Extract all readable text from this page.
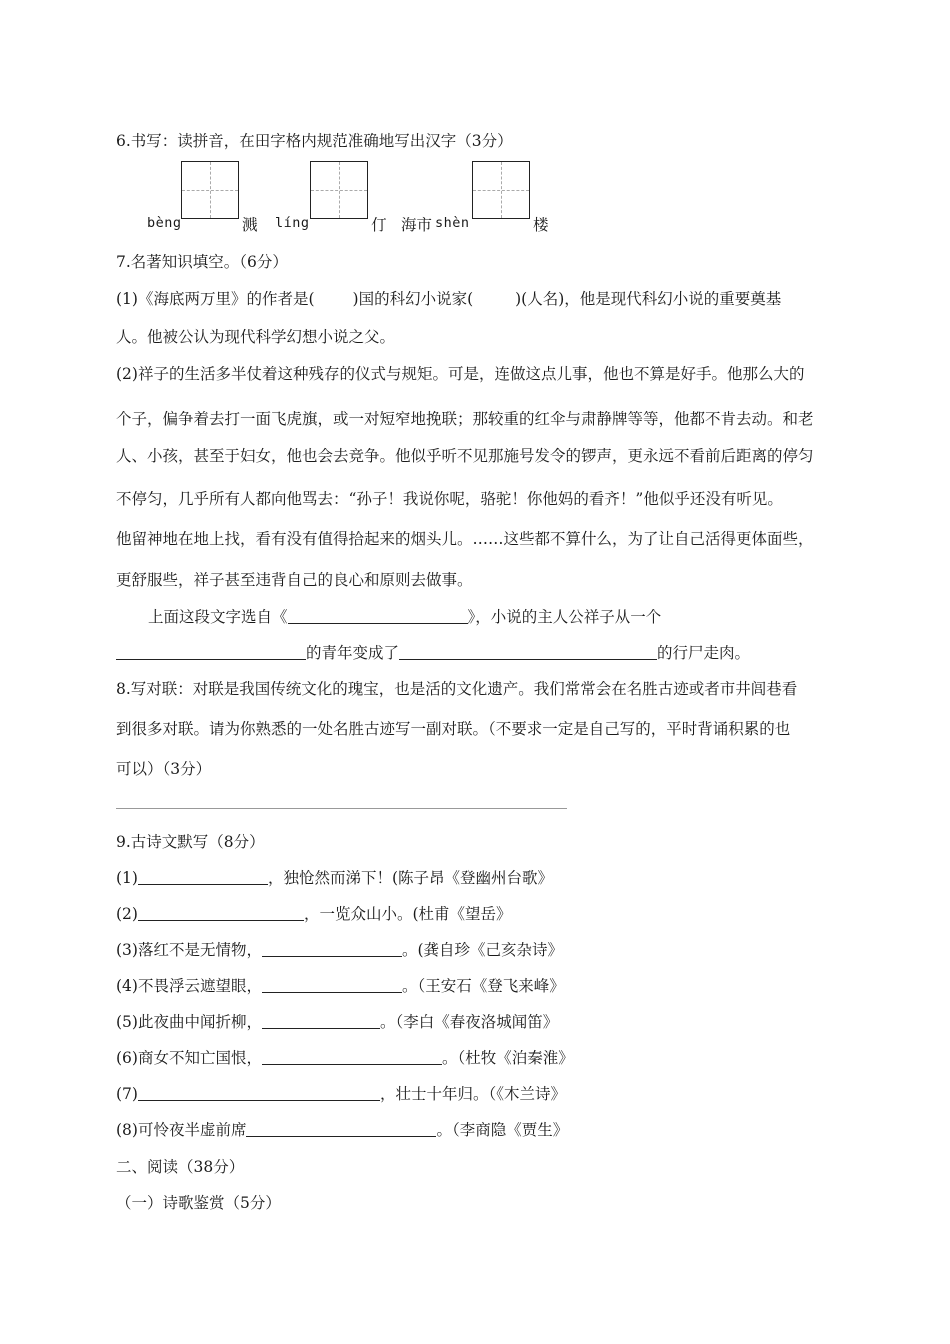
6.书写：读拼音，在田字格内规范准确地写出汉字（3分）
bèng	溅 líng	仃 海市 shèn	楼
7.名著知识填空。（6分）
(1)《海底两万里》的作者是( )国的科幻小说家(	)(人名)，他是现代科幻小说的重要奠基
人。他被公认为现代科学幻想小说之父。
(2)祥子的生活多半仗着这种残存的仪式与规矩。可是，连做这点儿事，他也不算是好手。他那么大的
个子，偏争着去打一面飞虎旗，或一对短窄地挽联；那较重的红伞与肃静牌等等，他都不肯去动。和老
人、小孩，甚至于妇女，他也会去竞争。他似乎听不见那施号发令的锣声，更永远不看前后距离的停匀
不停匀，几乎所有人都向他骂去：“孙子！我说你呢，骆驼！你他妈的看齐！”他似乎还没有听见。
他留神地在地上找，看有没有值得拾起来的烟头儿。……这些都不算什么，为了让自己活得更体面些，
更舒服些，祥子甚至违背自己的良心和原则去做事。
上面这段文字选自《	》，小说的主人公祥子从一个
的青年变成了	的行尸走肉。
8.写对联：对联是我国传统文化的瑰宝，也是活的文化遗产。我们常常会在名胜古迹或者市井闾巷看
到很多对联。请为你熟悉的一处名胜古迹写一副对联。（不要求一定是自己写的，平时背诵积累的也
可以）（3分）
9.古诗文默写（8分）
(1)	，独怆然而涕下！(陈子昂《登幽州台歌》
(2)	，一览众山小。(杜甫《望岳》
(3)落红不是无情物，	。(龚自珍《己亥杂诗》
(4)不畏浮云遮望眼，	。（王安石《登飞来峰》
(5)此夜曲中闻折柳，	。（李白《春夜洛城闻笛》
(6)商女不知亡国恨，	。（杜牧《泊秦淮》
(7)	，壮士十年归。（《木兰诗》
(8)可怜夜半虚前席	。（李商隐《贾生》
二、阅读（38分）
（一）诗歌鉴赏（5分）
